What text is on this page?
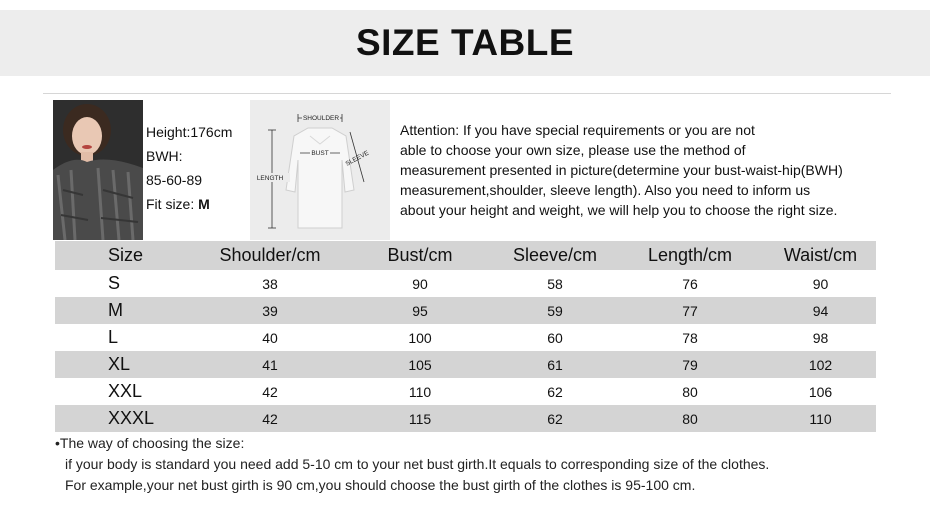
SIZE TABLE
Height:176cm
BWH:
85-60-89
Fit size: M
SHOULDER
BUST SLEEVE
LENGTH
Attention: If you have special requirements or you are not
able to choose your own size, please use the method of
measurement presented in picture(determine your bust-waist-hip(BWH)
measurement,shoulder, sleeve length). Also you need to inform us
about your height and weight, we will help you to choose the right size.
Size	Shoulder/cm	Bust/cm	Sleeve/cm	Length/cm	Waist/cm
S	38	90	58	76	90
M	39	95	59	77	94
L	40	100	60	78	98
XL	41	105	61	79	102
XXL	42	110	62	80	106
XXXL	42	115	62	80	110
•The way of choosing the size:
if your body is standard you need add 5-10 cm to your net bust girth.It equals to corresponding size of the clothes.
For example,your net bust girth is 90 cm,you should choose the bust girth of the clothes is 95-100 cm.
